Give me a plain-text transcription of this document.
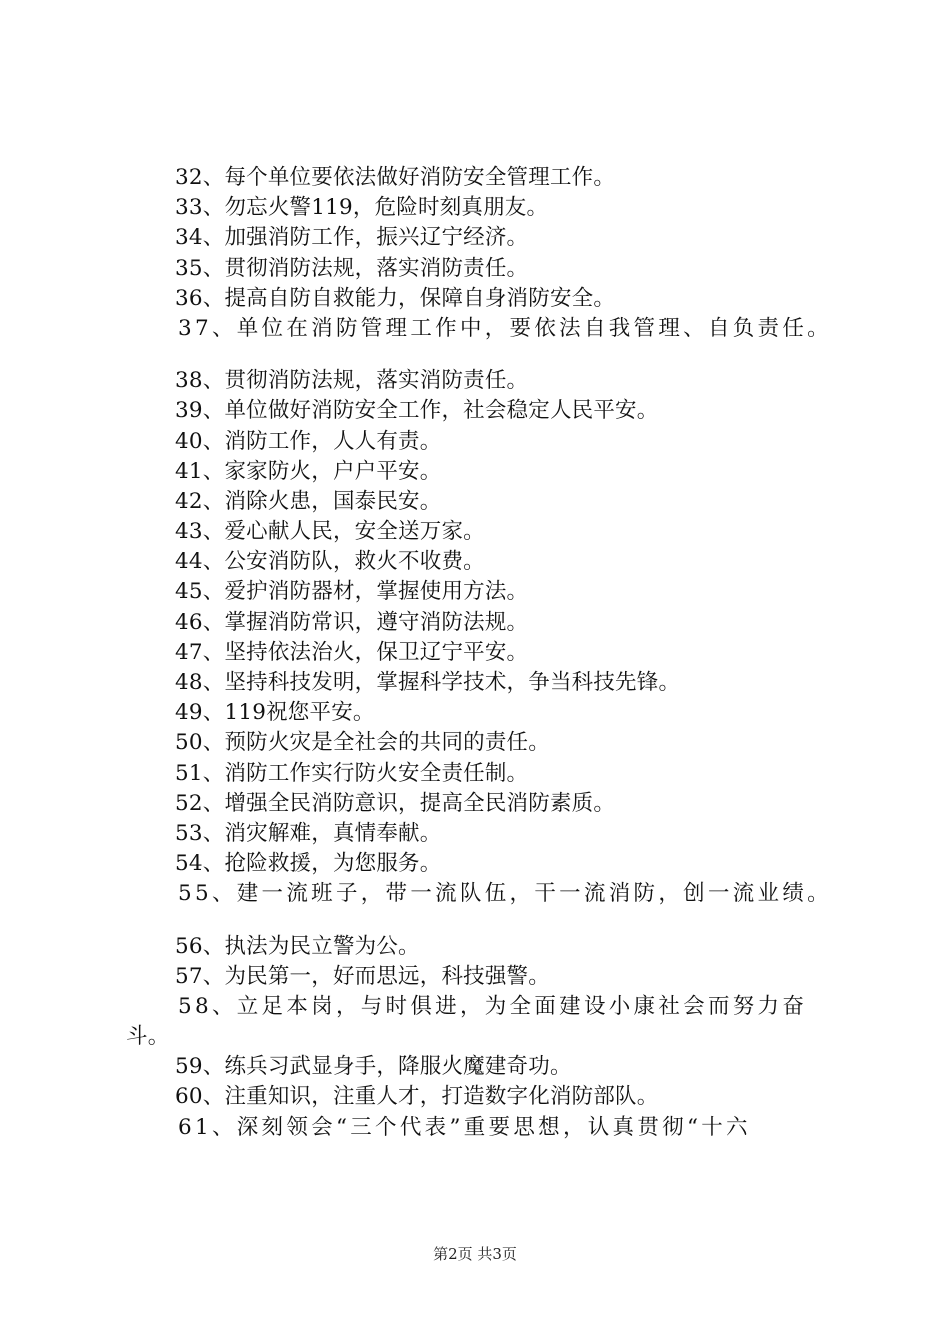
32、每个单位要依法做好消防安全管理工作。
33、勿忘火警119，危险时刻真朋友。
34、加强消防工作，振兴辽宁经济。
35、贯彻消防法规，落实消防责任。
36、提高自防自救能力，保障自身消防安全。
37、单位在消防管理工作中，要依法自我管理、自负责任。
38、贯彻消防法规，落实消防责任。
39、单位做好消防安全工作，社会稳定人民平安。
40、消防工作，人人有责。
41、家家防火，户户平安。
42、消除火患，国泰民安。
43、爱心献人民，安全送万家。
44、公安消防队，救火不收费。
45、爱护消防器材，掌握使用方法。
46、掌握消防常识，遵守消防法规。
47、坚持依法治火，保卫辽宁平安。
48、坚持科技发明，掌握科学技术，争当科技先锋。
49、119祝您平安。
50、预防火灾是全社会的共同的责任。
51、消防工作实行防火安全责任制。
52、增强全民消防意识，提高全民消防素质。
53、消灾解难，真情奉献。
54、抢险救援，为您服务。
55、建一流班子，带一流队伍，干一流消防，创一流业绩。
56、执法为民立警为公。
57、为民第一，好而思远，科技强警。
58、立足本岗，与时俱进，为全面建设小康社会而努力奋
斗。
59、练兵习武显身手，降服火魔建奇功。
60、注重知识，注重人才，打造数字化消防部队。
61、深刻领会“三个代表”重要思想，认真贯彻“十六
第2页 共3页
